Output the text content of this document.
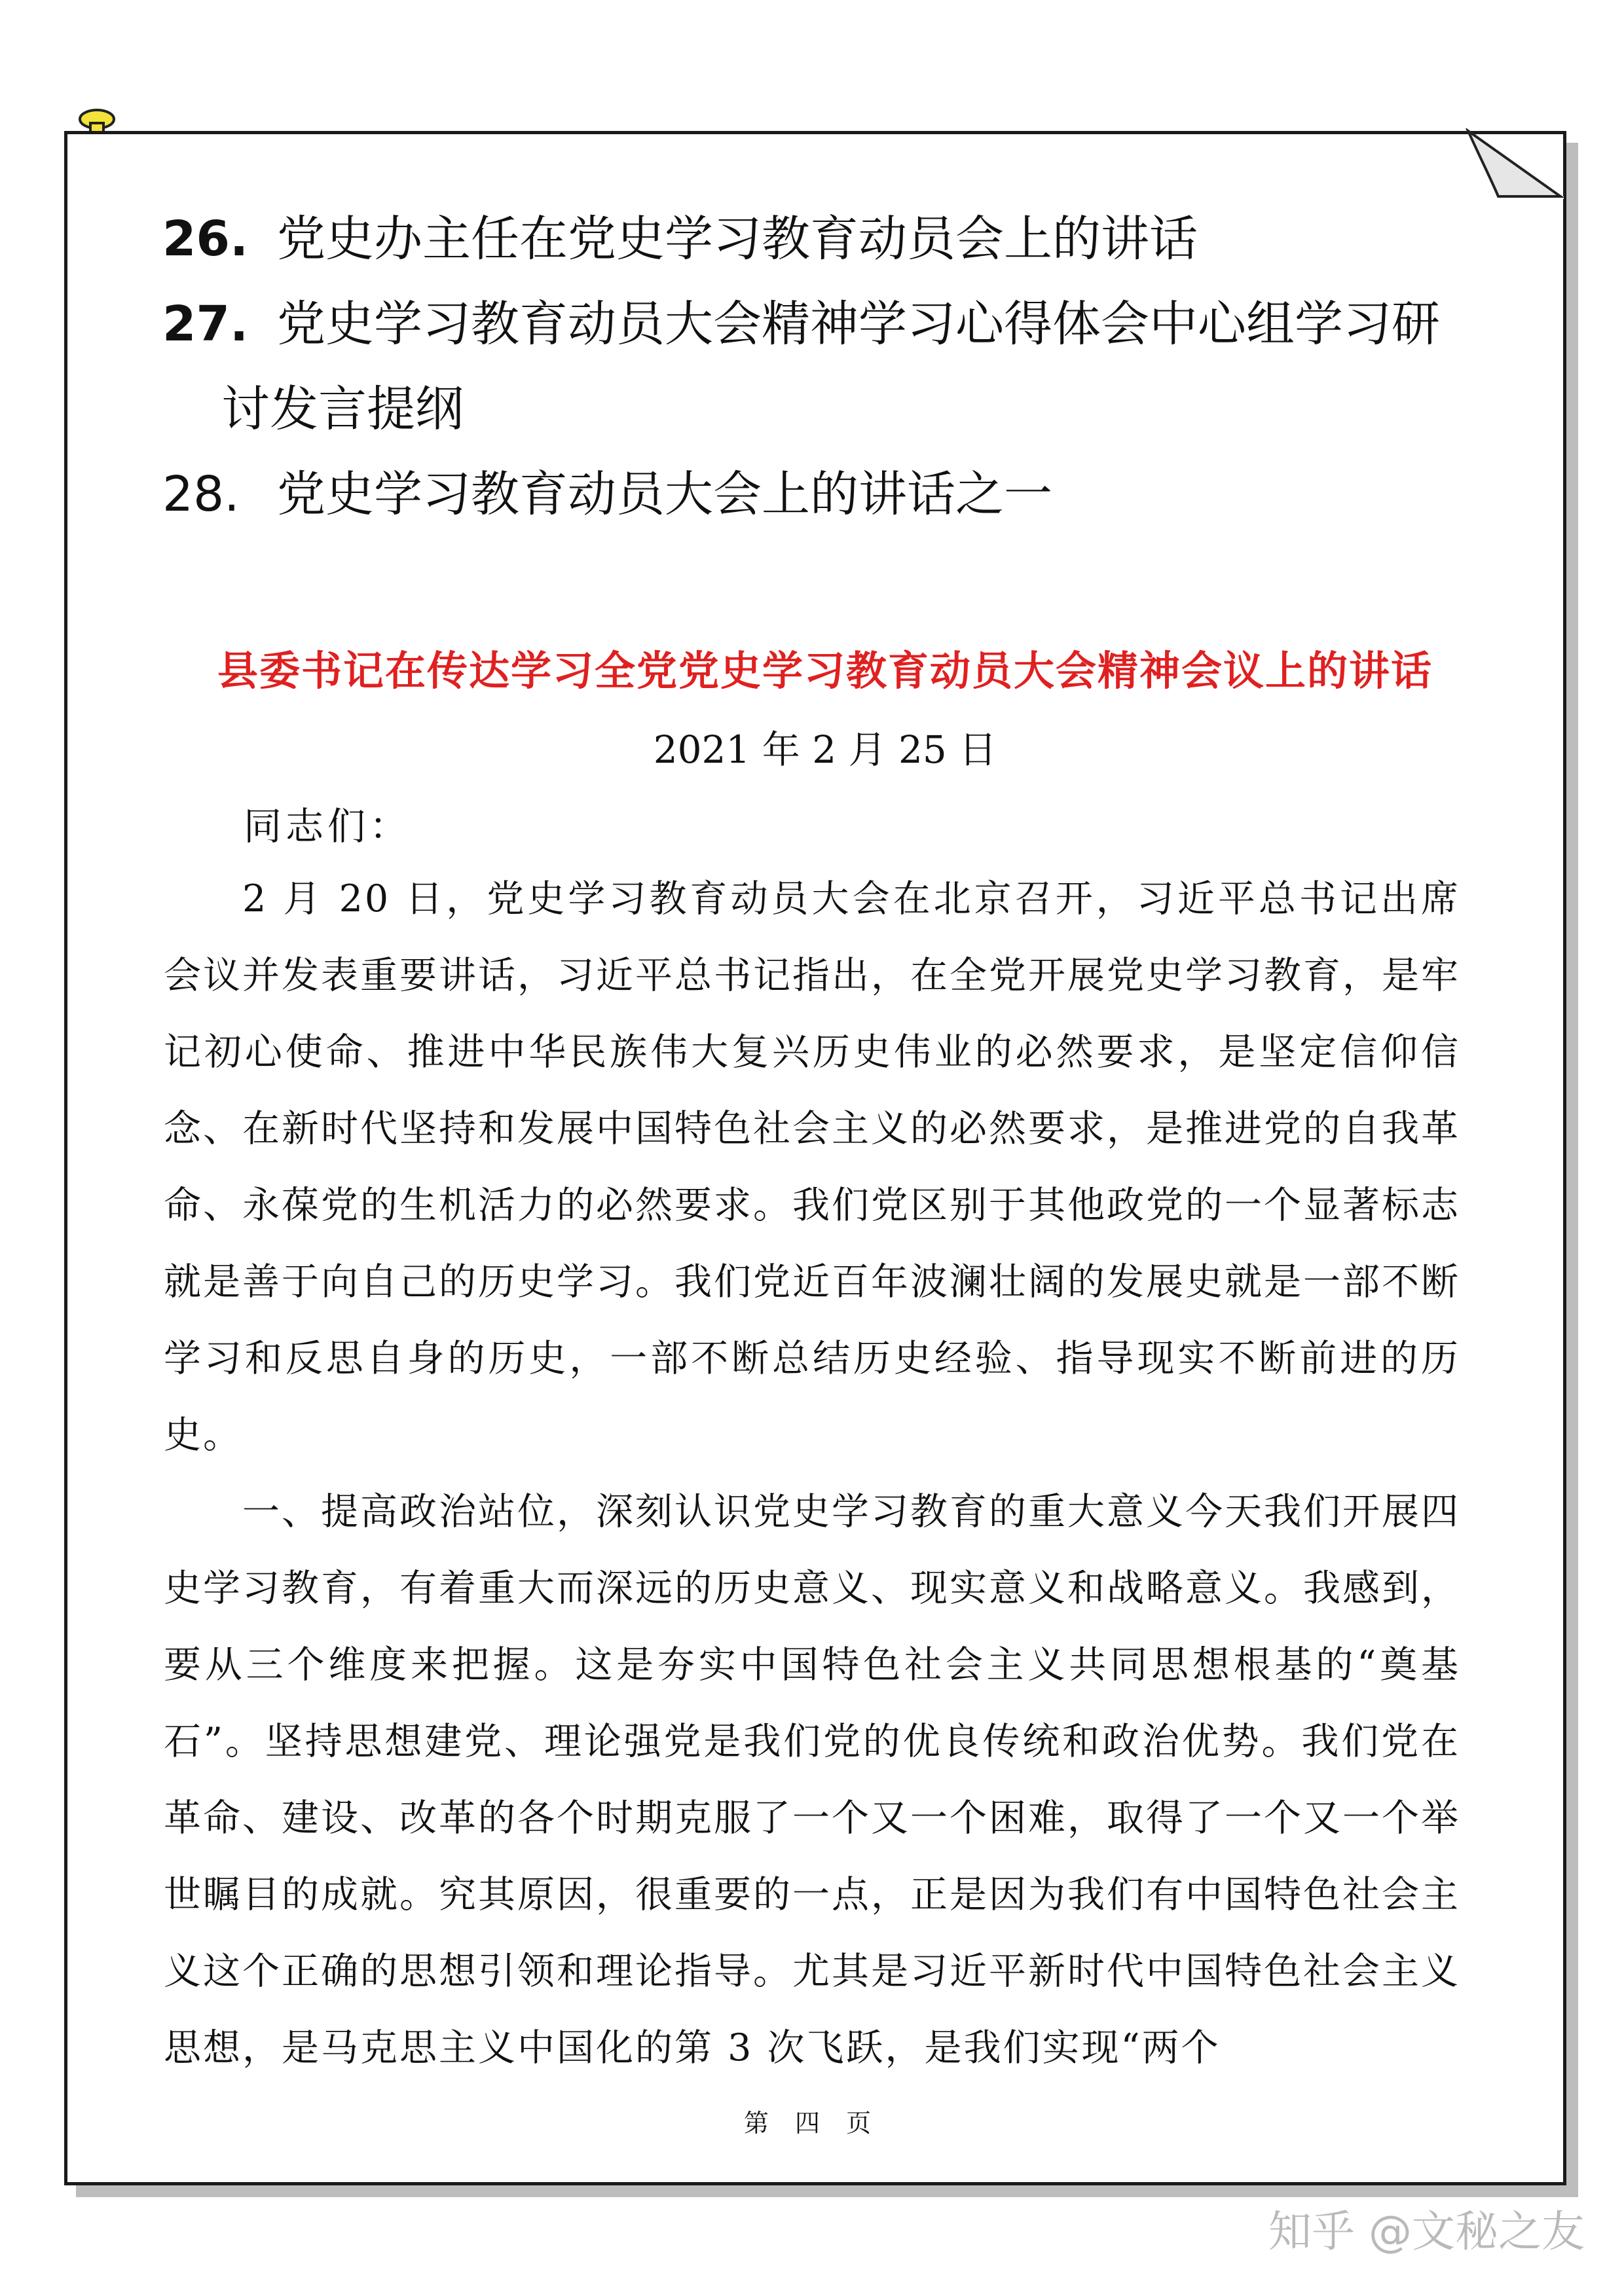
26. 党史办主任在党史学习教育动员会上的讲话
27. 党史学习教育动员大会精神学习心得体会中心组学习研
讨发言提纲
28. 党史学习教育动员大会上的讲话之一
县委书记在传达学习全党党史学习教育动员大会精神会议上的讲话
2021 年 2 月 25 日
同志们：
2 月 20 日，党史学习教育动员大会在北京召开，习近平总书记出席会议并发表重要讲话，习近平总书记指出，在全党开展党史学习教育，是牢记初心使命、推进中华民族伟大复兴历史伟业的必然要求，是坚定信仰信念、在新时代坚持和发展中国特色社会主义的必然要求，是推进党的自我革命、永葆党的生机活力的必然要求。我们党区别于其他政党的一个显著标志就是善于向自己的历史学习。我们党近百年波澜壮阔的发展史就是一部不断学习和反思自身的历史，一部不断总结历史经验、指导现实不断前进的历史。
一、提高政治站位，深刻认识党史学习教育的重大意义今天我们开展四史学习教育，有着重大而深远的历史意义、现实意义和战略意义。我感到，要从三个维度来把握。这是夯实中国特色社会主义共同思想根基的“奠基石”。坚持思想建党、理论强党是我们党的优良传统和政治优势。我们党在革命、建设、改革的各个时期克服了一个又一个困难，取得了一个又一个举世瞩目的成就。究其原因，很重要的一点，正是因为我们有中国特色社会主义这个正确的思想引领和理论指导。尤其是习近平新时代中国特色社会主义思想，是马克思主义中国化的第 3 次飞跃，是我们实现“两个
第 四 页
知乎 @文秘之友
